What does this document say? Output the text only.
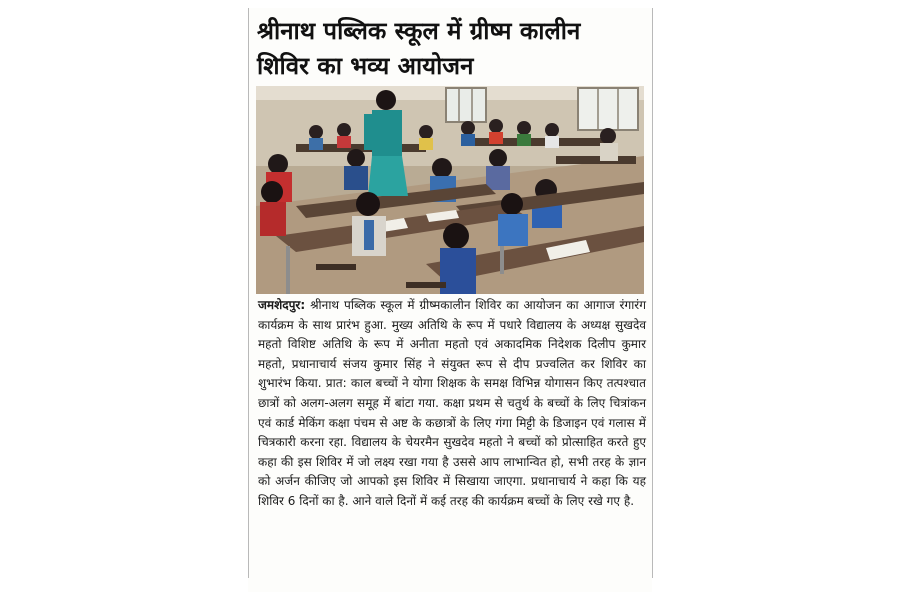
श्रीनाथ पब्लिक स्कूल में ग्रीष्म कालीन
शिविर का भव्य आयोजन

जमशेदपुर: श्रीनाथ पब्लिक स्कूल में ग्रीष्मकालीन शिविर का आयोजन का आगाज रंगारंग कार्यक्रम के साथ प्रारंभ हुआ. मुख्य अतिथि के रूप में पधारे विद्यालय के अध्यक्ष सुखदेव महतो विशिष्ट अतिथि के रूप में अनीता महतो एवं अकादमिक निदेशक दिलीप कुमार महतो, प्रधानाचार्य संजय कुमार सिंह ने संयुक्त रूप से दीप प्रज्वलित कर शिविर का शुभारंभ किया. प्रात: काल बच्चों ने योगा शिक्षक के समक्ष विभिन्न योगासन किए तत्पश्चात छात्रों को अलग-अलग समूह में बांटा गया. कक्षा प्रथम से चतुर्थ के बच्चों के लिए चित्रांकन एवं कार्ड मेकिंग कक्षा पंचम से अष्ट के कछात्रों के लिए गंगा मिट्टी के डिजाइन एवं गलास में चित्रकारी करना रहा. विद्यालय के चेयरमैन सुखदेव महतो ने बच्चों को प्रोत्साहित करते हुए कहा की इस शिविर में जो लक्ष्य रखा गया है उससे आप लाभान्वित हो, सभी तरह के ज्ञान को अर्जन कीजिए जो आपको इस शिविर में सिखाया जाएगा. प्रधानाचार्य ने कहा कि यह शिविर 6 दिनों का है. आने वाले दिनों में कई तरह की कार्यक्रम बच्चों के लिए रखे गए है.
